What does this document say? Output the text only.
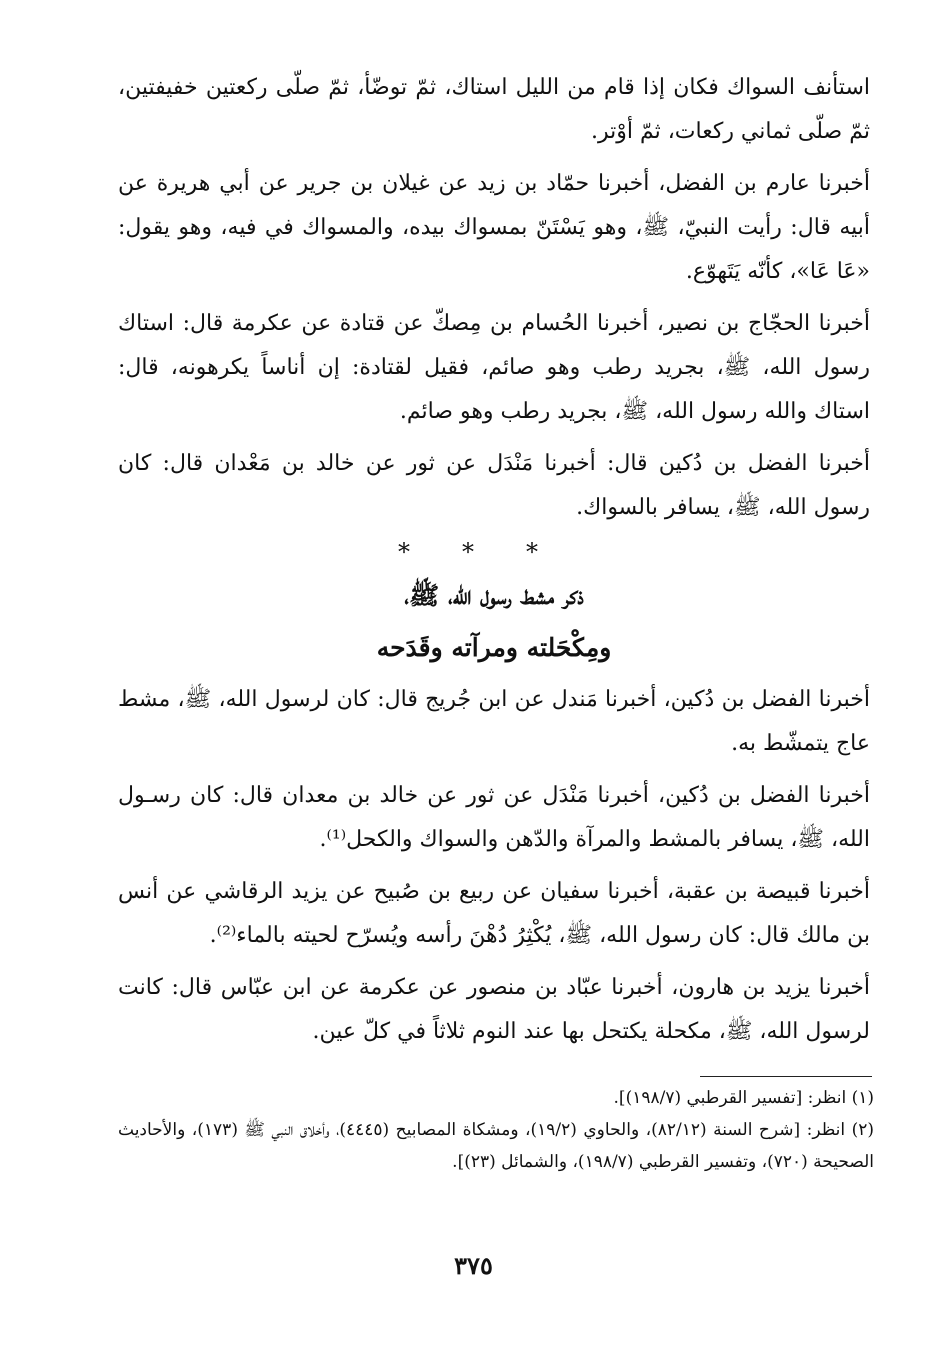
استأنف السواك فكان إذا قام من الليل استاك، ثمّ توضّأ، ثمّ صلّى ركعتين خفيفتين، ثمّ صلّى ثماني ركعات، ثمّ أوْتر.

أخبرنا عارم بن الفضل، أخبرنا حمّاد بن زيد عن غيلان بن جرير عن أبي هريرة عن أبيه قال: رأيت النبيّ، ﷺ، وهو يَسْتَنّ بمسواك بيده، والمسواك في فيه، وهو يقول: «عَا عَا»، كأنّه يَتَهوّع.

أخبرنا الحجّاج بن نصير، أخبرنا الحُسام بن مِصكّ عن قتادة عن عكرمة قال: استاك رسول الله، ﷺ، بجريد رطب وهو صائم، فقيل لقتادة: إن أناساً يكرهونه، قال: استاك والله رسول الله، ﷺ، بجريد رطب وهو صائم.

أخبرنا الفضل بن دُكين قال: أخبرنا مَنْدَل عن ثور عن خالد بن مَعْدان قال: كان رسول الله، ﷺ، يسافر بالسواك.

***
ذكر مشط رسول الله، ﷺ،
ومِكْحَلته ومرآته وقَدَحه

أخبرنا الفضل بن دُكين، أخبرنا مَندل عن ابن جُريج قال: كان لرسول الله، ﷺ، مشط عاج يتمشّط به.

أخبرنا الفضل بن دُكين، أخبرنا مَنْدَل عن ثور عن خالد بن معدان قال: كان رسـول الله، ﷺ، يسافر بالمشط والمرآة والدّهن والسواك والكحل⁽¹⁾.

أخبرنا قبيصة بن عقبة، أخبرنا سفيان عن ربيع بن صُبيح عن يزيد الرقاشي عن أنس بن مالك قال: كان رسول الله، ﷺ، يُكْثِرُ دُهْنَ رأسه ويُسرّح لحيته بالماء⁽²⁾.

أخبرنا يزيد بن هارون، أخبرنا عبّاد بن منصور عن عكرمة عن ابن عبّاس قال: كانت لرسول الله، ﷺ، مكحلة يكتحل بها عند النوم ثلاثاً في كلّ عين.

(١) انظر: [تفسير القرطبي (١٩٨/٧)].

(٢) انظر: [شرح السنة (٨٢/١٢)، والحاوي (١٩/٢)، ومشكاة المصابيح (٤٤٤٥)، وأخلاق النبي ﷺ (١٧٣)، والأحاديث الصحيحة (٧٢٠)، وتفسير القرطبي (١٩٨/٧)، والشمائل (٢٣)].

٣٧٥
